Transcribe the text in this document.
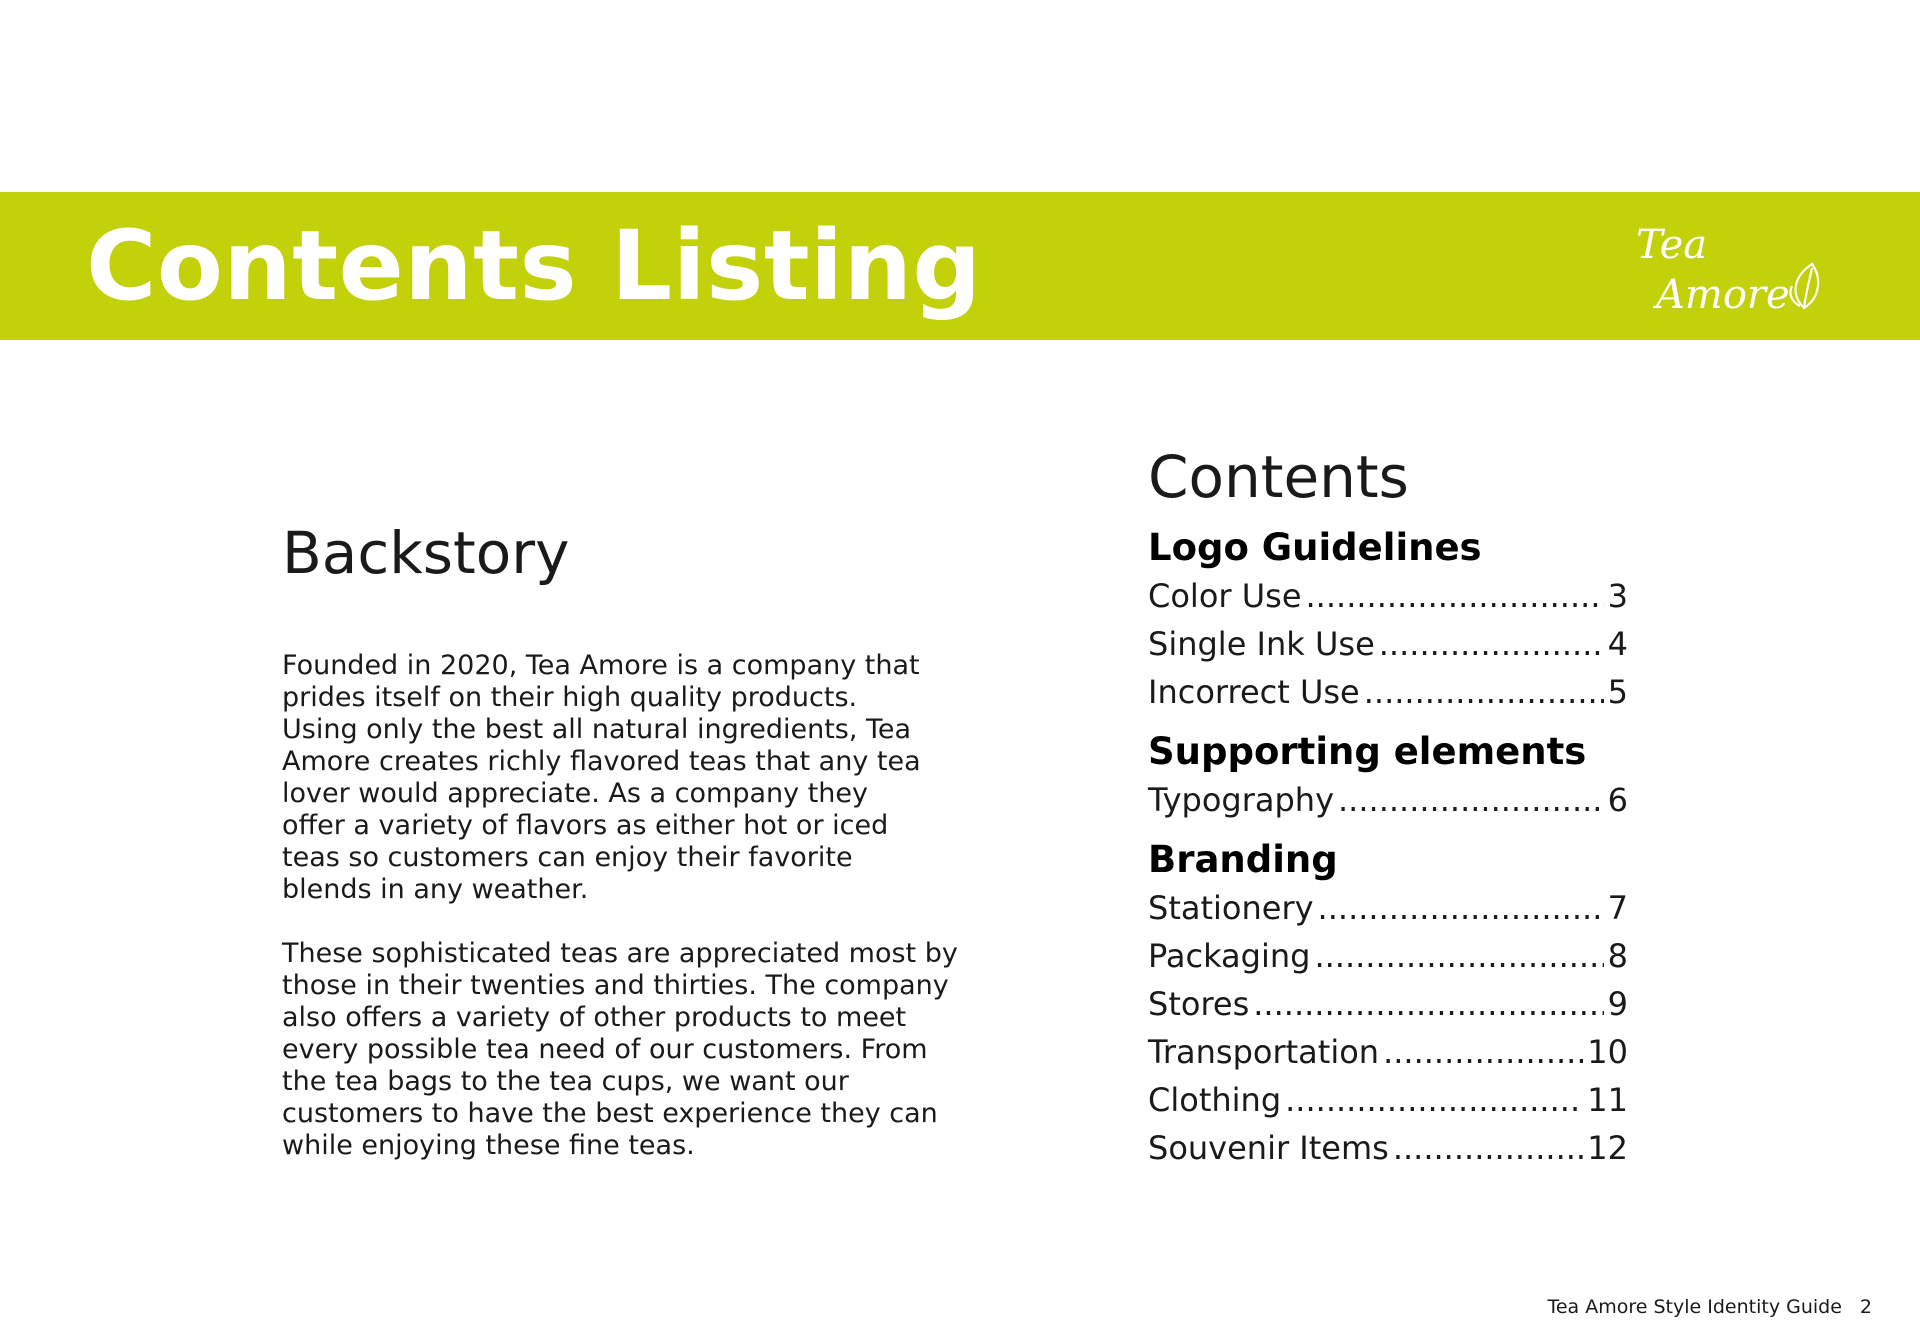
Contents Listing	Tea
Amore
Backstory

Founded in 2020, Tea Amore is a company that prides itself on their high quality products. Using only the best all natural ingredients, Tea Amore creates richly flavored teas that any tea lover would appreciate. As a company they offer a variety of flavors as either hot or iced teas so customers can enjoy their favorite blends in any weather.

These sophisticated teas are appreciated most by those in their twenties and thirties. The company also offers a variety of other products to meet every possible tea need of our customers. From the tea bags to the tea cups, we want our customers to have the best experience they can while enjoying these fine teas.

Contents
Logo Guidelines
Color Use .....	3
Single Ink Use .....	4
Incorrect Use .....	5
Supporting elements
Typography .....	6
Branding
Stationery .....	7
Packaging .....	8
Stores .....	9
Transportation .....	10
Clothing .....	11
Souvenir Items .....	12
Tea Amore Style Identity Guide 2
